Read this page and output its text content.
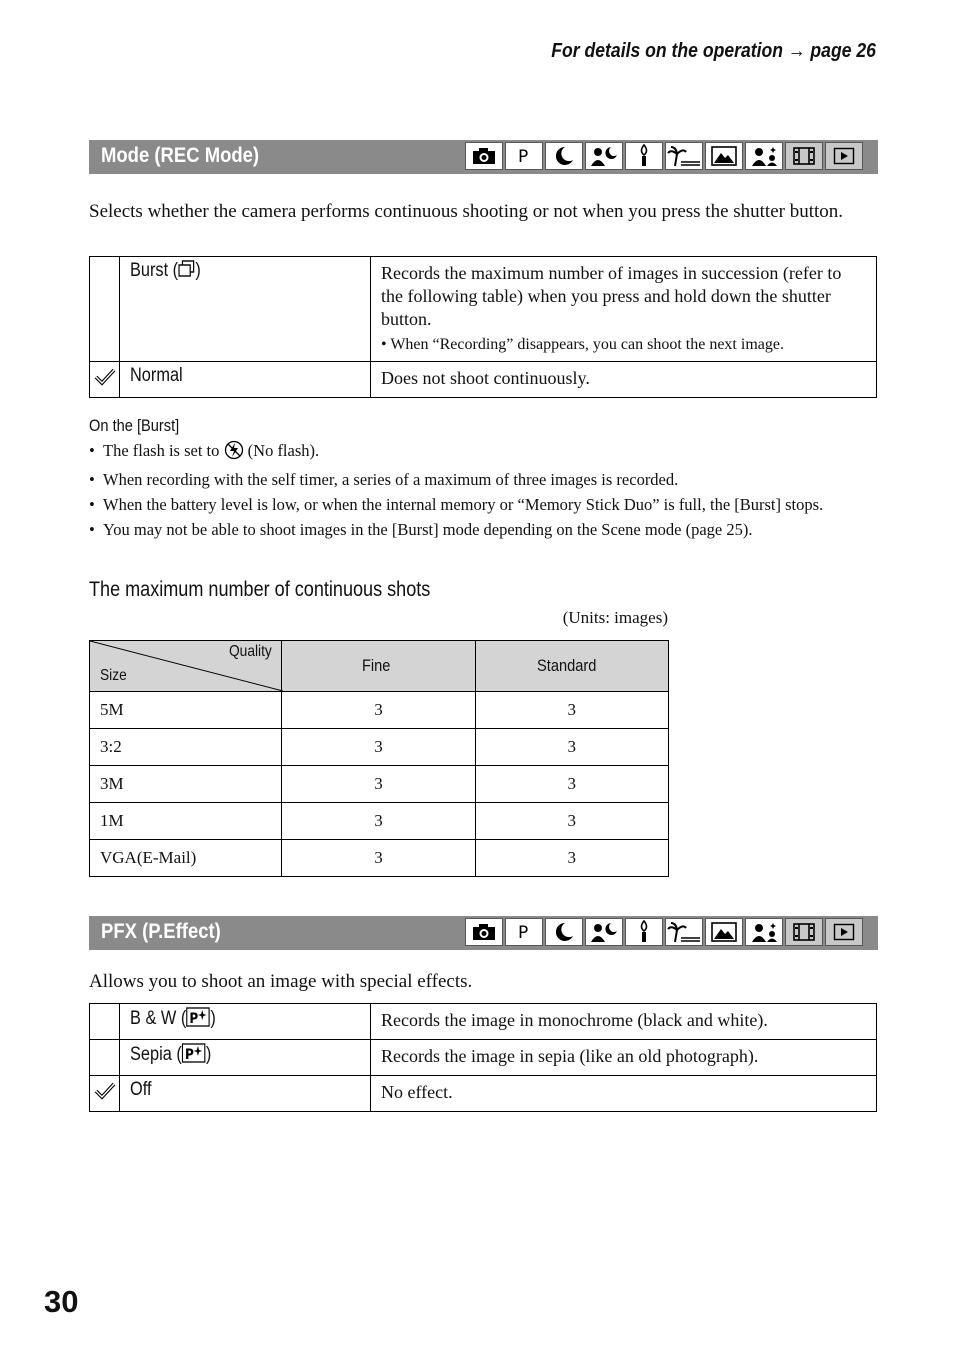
For details on the operation → page 26
Mode (REC Mode)	P
Selects whether the camera performs continuous shooting or not when you press the shutter button.
	Burst ( )	Records the maximum number of images in succession (refer to the following table) when you press and hold down the shutter button.
• When “Recording” disappears, you can shoot the next image.

	Normal	Does not shoot continuously.
On the [Burst]
• The flash is set to  (No flash).
• When recording with the self timer, a series of a maximum of three images is recorded.
• When the battery level is low, or when the internal memory or “Memory Stick Duo” is full, the [Burst] stops.
• You may not be able to shoot images in the [Burst] mode depending on the Scene mode (page 25).
The maximum number of continuous shots
(Units: images)
Quality
Size	Fine	Standard
5M	3	3
3:2	3	3
3M	3	3
1M	3	3
VGA(E-Mail)	3	3
PFX (P.Effect)	P
Allows you to shoot an image with special effects.
	B & W ( P )	Records the image in monochrome (black and white).
	Sepia ( P )	Records the image in sepia (like an old photograph).
	Off	No effect.
30
